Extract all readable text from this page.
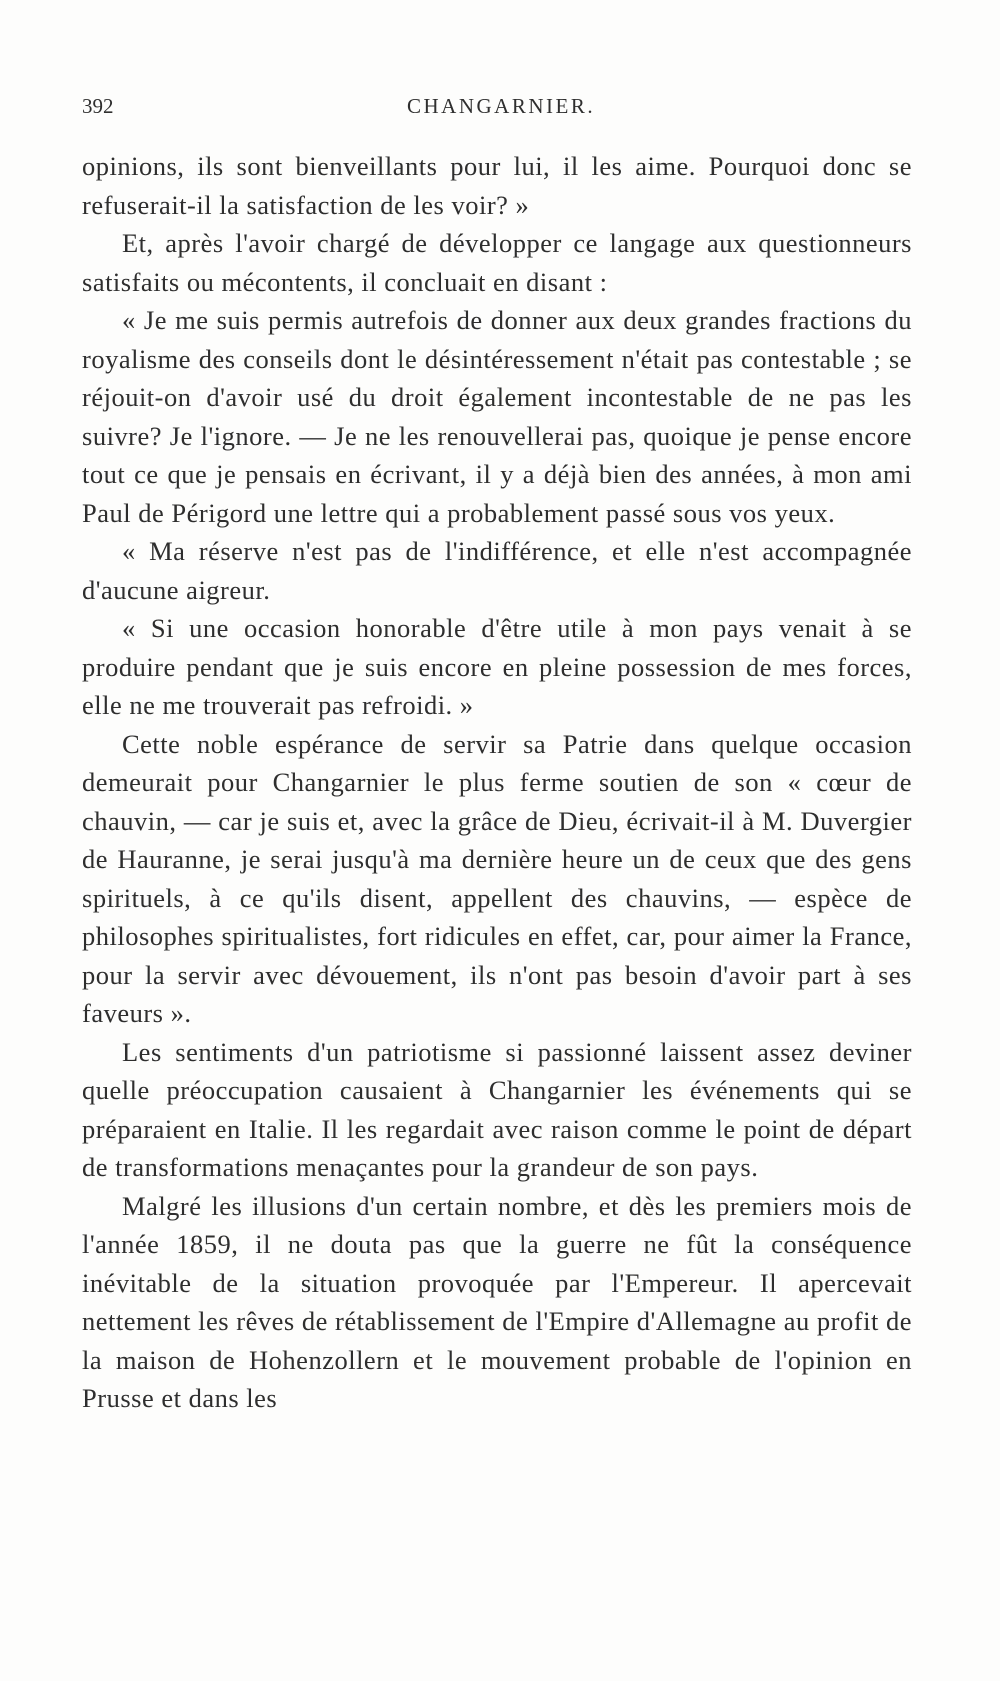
392	CHANGARNIER.

opinions, ils sont bienveillants pour lui, il les aime. Pourquoi donc se refuserait-il la satisfaction de les voir? »

Et, après l'avoir chargé de développer ce langage aux questionneurs satisfaits ou mécontents, il concluait en disant :

« Je me suis permis autrefois de donner aux deux grandes fractions du royalisme des conseils dont le désintéressement n'était pas contestable ; se réjouit-on d'avoir usé du droit également incontestable de ne pas les suivre? Je l'ignore. — Je ne les renouvellerai pas, quoique je pense encore tout ce que je pensais en écrivant, il y a déjà bien des années, à mon ami Paul de Périgord une lettre qui a probablement passé sous vos yeux.

« Ma réserve n'est pas de l'indifférence, et elle n'est accompagnée d'aucune aigreur.

« Si une occasion honorable d'être utile à mon pays venait à se produire pendant que je suis encore en pleine possession de mes forces, elle ne me trouverait pas refroidi. »

Cette noble espérance de servir sa Patrie dans quelque occasion demeurait pour Changarnier le plus ferme soutien de son « cœur de chauvin, — car je suis et, avec la grâce de Dieu, écrivait-il à M. Duvergier de Hauranne, je serai jusqu'à ma dernière heure un de ceux que des gens spirituels, à ce qu'ils disent, appellent des chauvins, — espèce de philosophes spiritualistes, fort ridicules en effet, car, pour aimer la France, pour la servir avec dévouement, ils n'ont pas besoin d'avoir part à ses faveurs ».

Les sentiments d'un patriotisme si passionné laissent assez deviner quelle préoccupation causaient à Changarnier les événements qui se préparaient en Italie. Il les regardait avec raison comme le point de départ de transformations menaçantes pour la grandeur de son pays.

Malgré les illusions d'un certain nombre, et dès les premiers mois de l'année 1859, il ne douta pas que la guerre ne fût la conséquence inévitable de la situation provoquée par l'Empereur. Il apercevait nettement les rêves de rétablissement de l'Empire d'Allemagne au profit de la maison de Hohenzollern et le mouvement probable de l'opinion en Prusse et dans les
